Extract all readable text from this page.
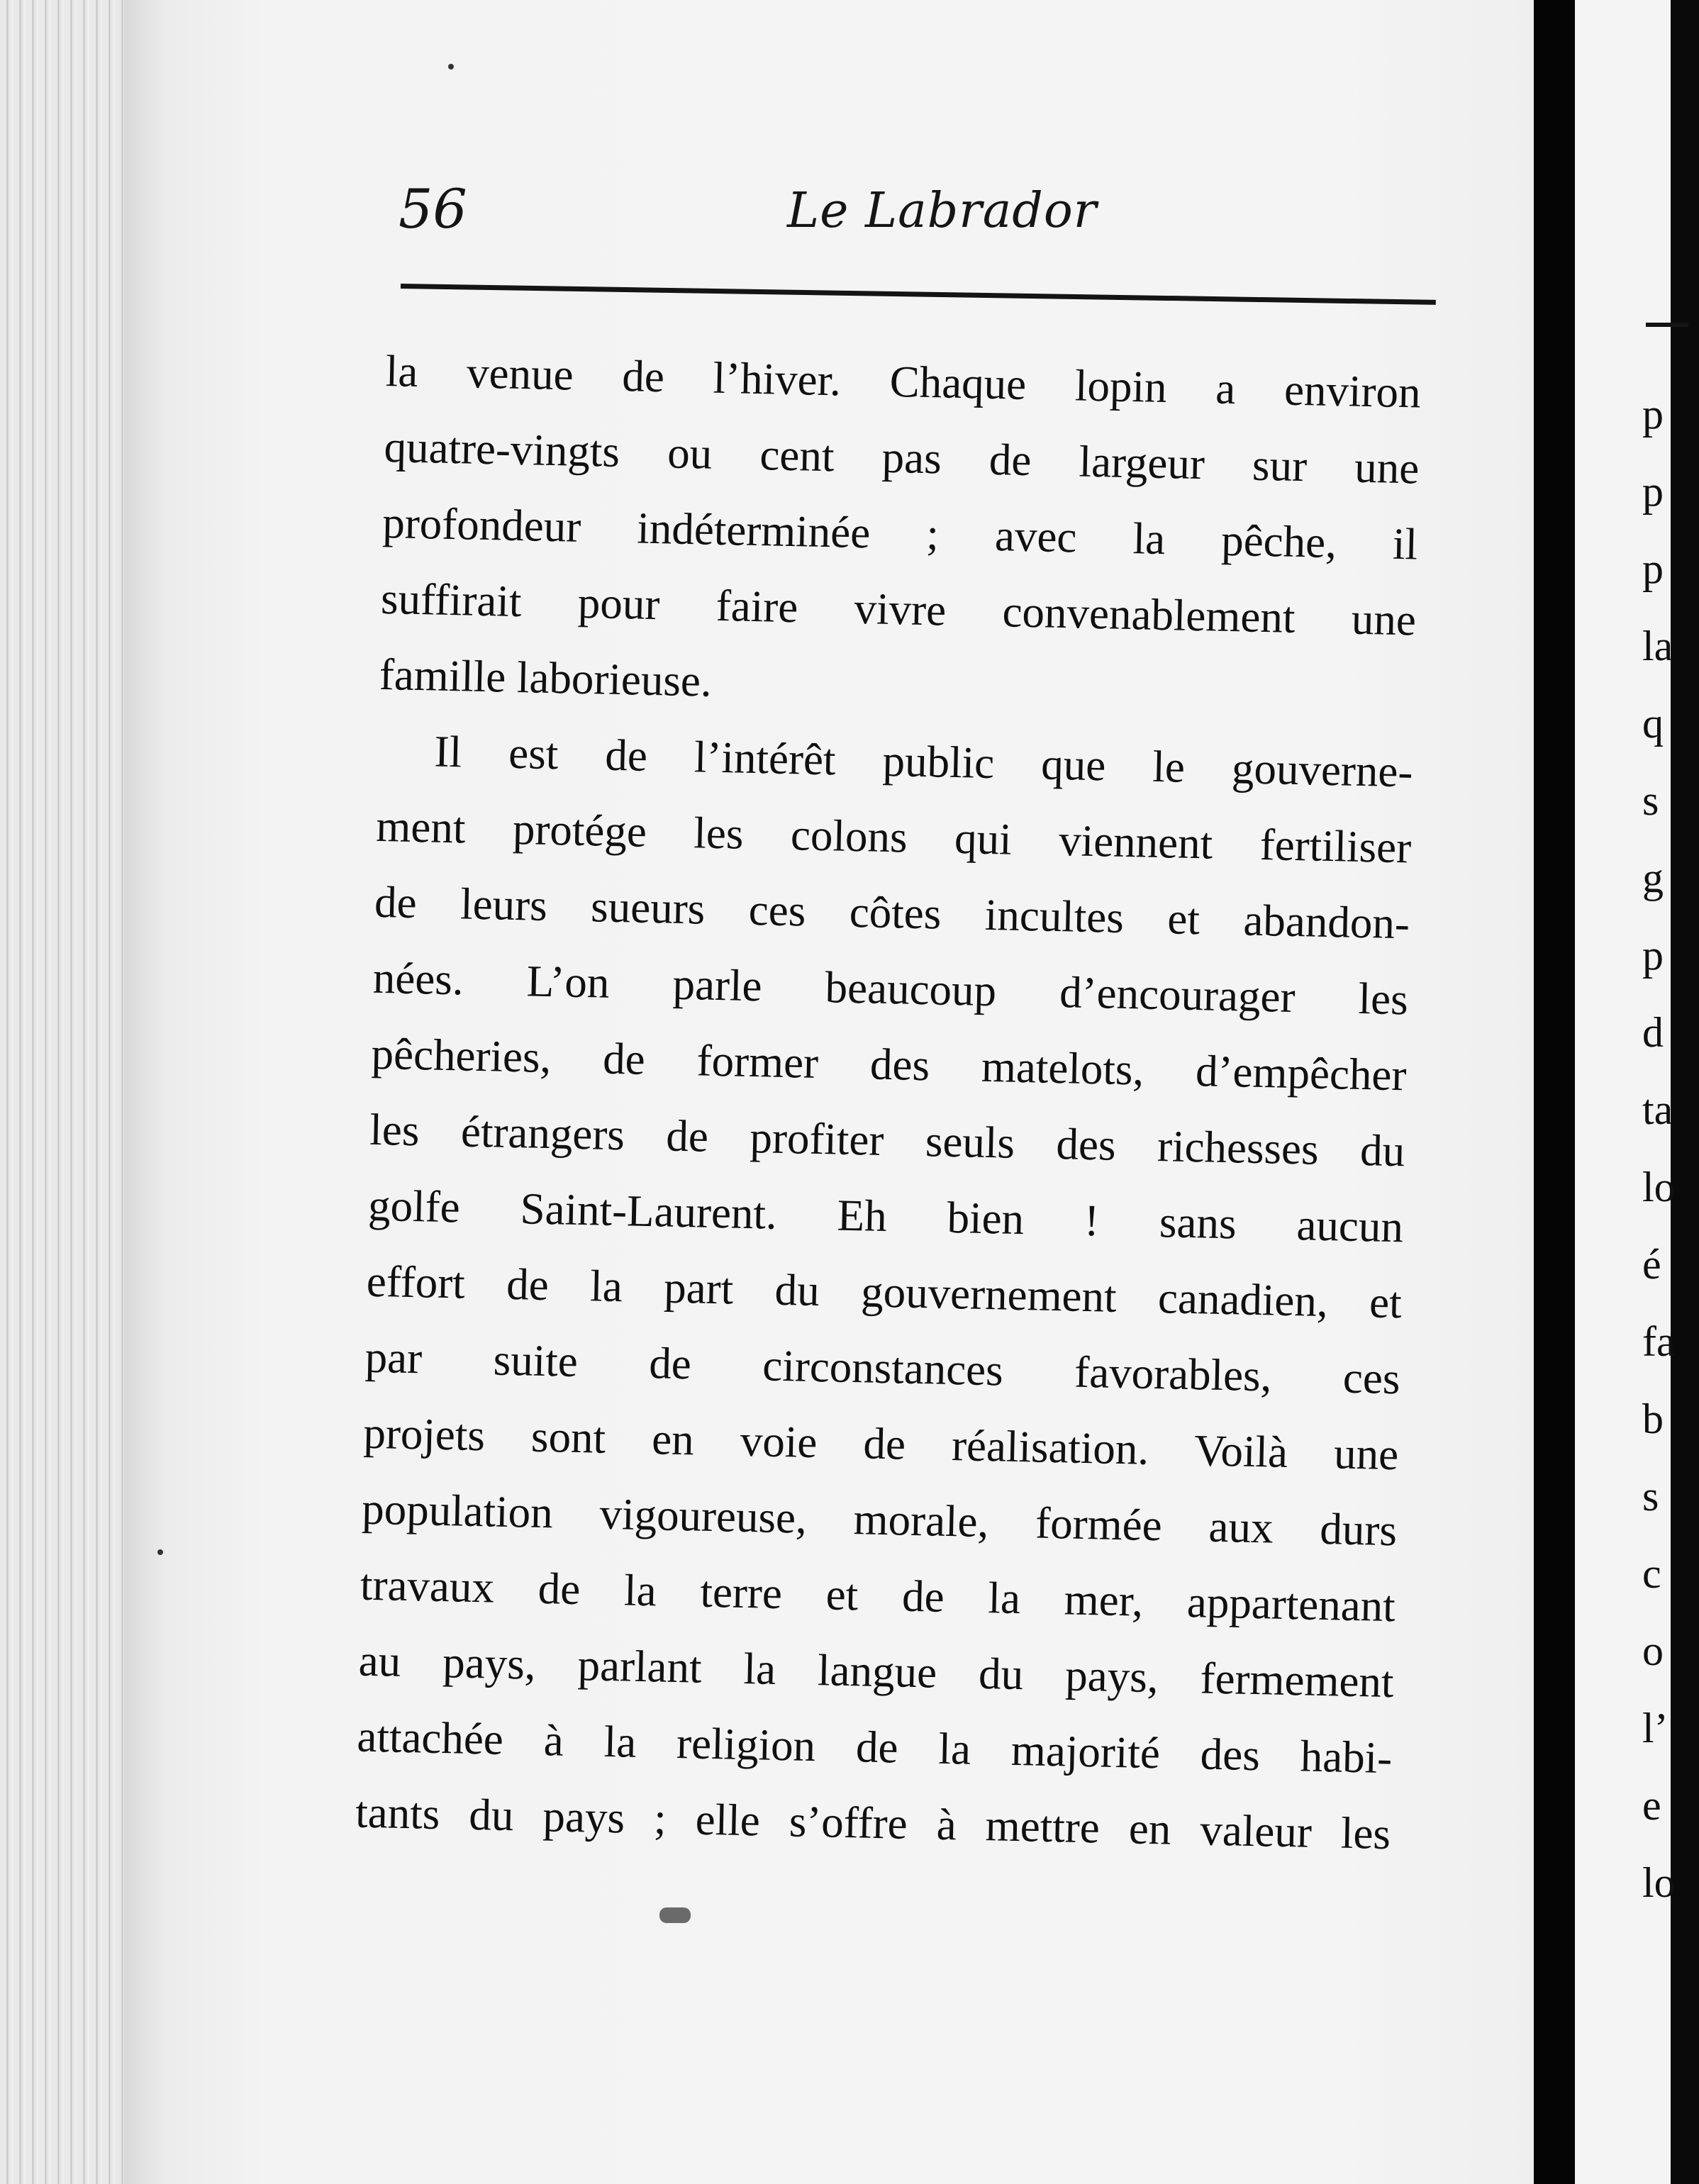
56	Le Labrador
la venue de l’hiver. Chaque lopin a environ
quatre-vingts ou cent pas de largeur sur une
profondeur indéterminée ; avec la pêche, il
suffirait pour faire vivre convenablement une
famille laborieuse.
Il est de l’intérêt public que le gouverne-
ment protége les colons qui viennent fertiliser
de leurs sueurs ces côtes incultes et abandon-
nées. L’on parle beaucoup d’encourager les
pêcheries, de former des matelots, d’empêcher
les étrangers de profiter seuls des richesses du
golfe Saint-Laurent. Eh bien ! sans aucun
effort de la part du gouvernement canadien, et
par suite de circonstances favorables, ces
projets sont en voie de réalisation. Voilà une
population vigoureuse, morale, formée aux durs
travaux de la terre et de la mer, appartenant
au pays, parlant la langue du pays, fermement
attachée à la religion de la majorité des habi-
tants du pays ; elle s’offre à mettre en valeur les
p
p
p
la
q
s
g
p
d
ta
lo
é
fa
b
s
c
o
l’
e
lo
